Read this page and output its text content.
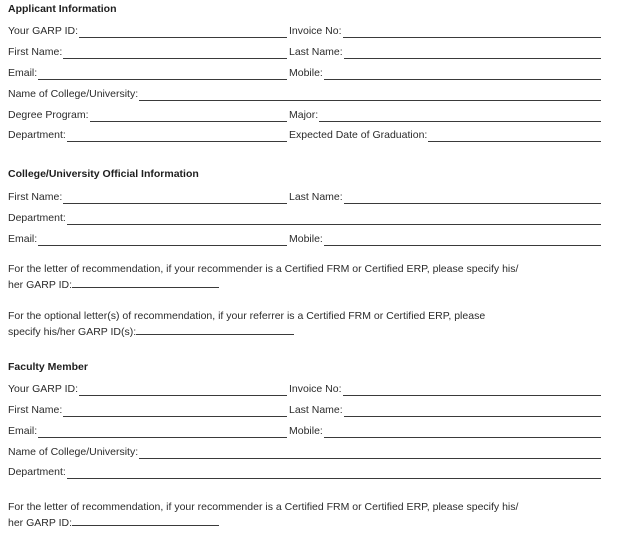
Applicant Information
Your GARP ID:	Invoice No:
First Name:	Last Name:
Email:	Mobile:
Name of College/University:
Degree Program:	Major:
Department:	Expected Date of Graduation:
College/University Official Information
First Name:	Last Name:
Department:
Email:	Mobile:
For the letter of recommendation, if your recommender is a Certified FRM or Certified ERP, please specify his/
her GARP ID:
For the optional letter(s) of recommendation, if your referrer is a Certified FRM or Certified ERP, please
specify his/her GARP ID(s):
Faculty Member
Your GARP ID:	Invoice No:
First Name:	Last Name:
Email:	Mobile:
Name of College/University:
Department:
For the letter of recommendation, if your recommender is a Certified FRM or Certified ERP, please specify his/
her GARP ID:
